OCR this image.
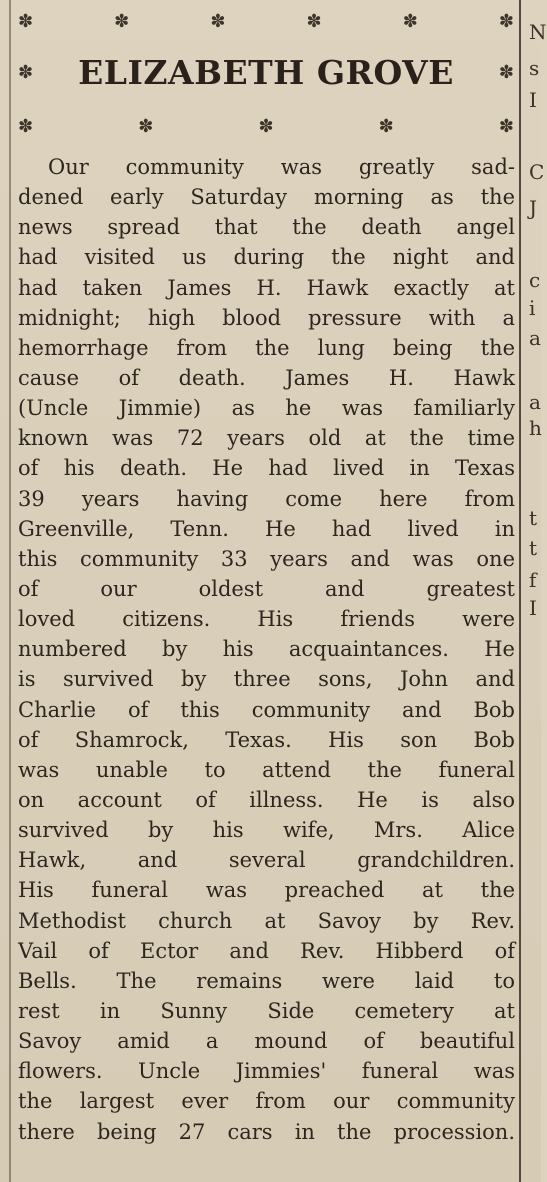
✽	✽	✽	✽	✽	✽
✽ ELIZABETH GROVE	✽
✽	✽	✽	✽	✽
Our community was greatly sad-
dened early Saturday morning as the
news spread that the death angel
had visited us during the night and
had taken James H. Hawk exactly at
midnight; high blood pressure with a
hemorrhage from the lung being the
cause of death. James H. Hawk
(Uncle Jimmie) as he was familiarly
known was 72 years old at the time
of his death. He had lived in Texas
39 years having come here from
Greenville, Tenn. He had lived in
this community 33 years and was one
of our oldest and greatest
loved citizens. His friends were
numbered by his acquaintances. He
is survived by three sons, John and
Charlie of this community and Bob
of Shamrock, Texas. His son Bob
was unable to attend the funeral
on account of illness. He is also
survived by his wife, Mrs. Alice
Hawk, and several grandchildren.
His funeral was preached at the
Methodist church at Savoy by Rev.
Vail of Ector and Rev. Hibberd of
Bells. The remains were laid to
rest in Sunny Side cemetery at
Savoy amid a mound of beautiful
flowers. Uncle Jimmies' funeral was
the largest ever from our community
there being 27 cars in the procession.
N
s
I
C
J
c
i
a
a
h
t
t
f
I
